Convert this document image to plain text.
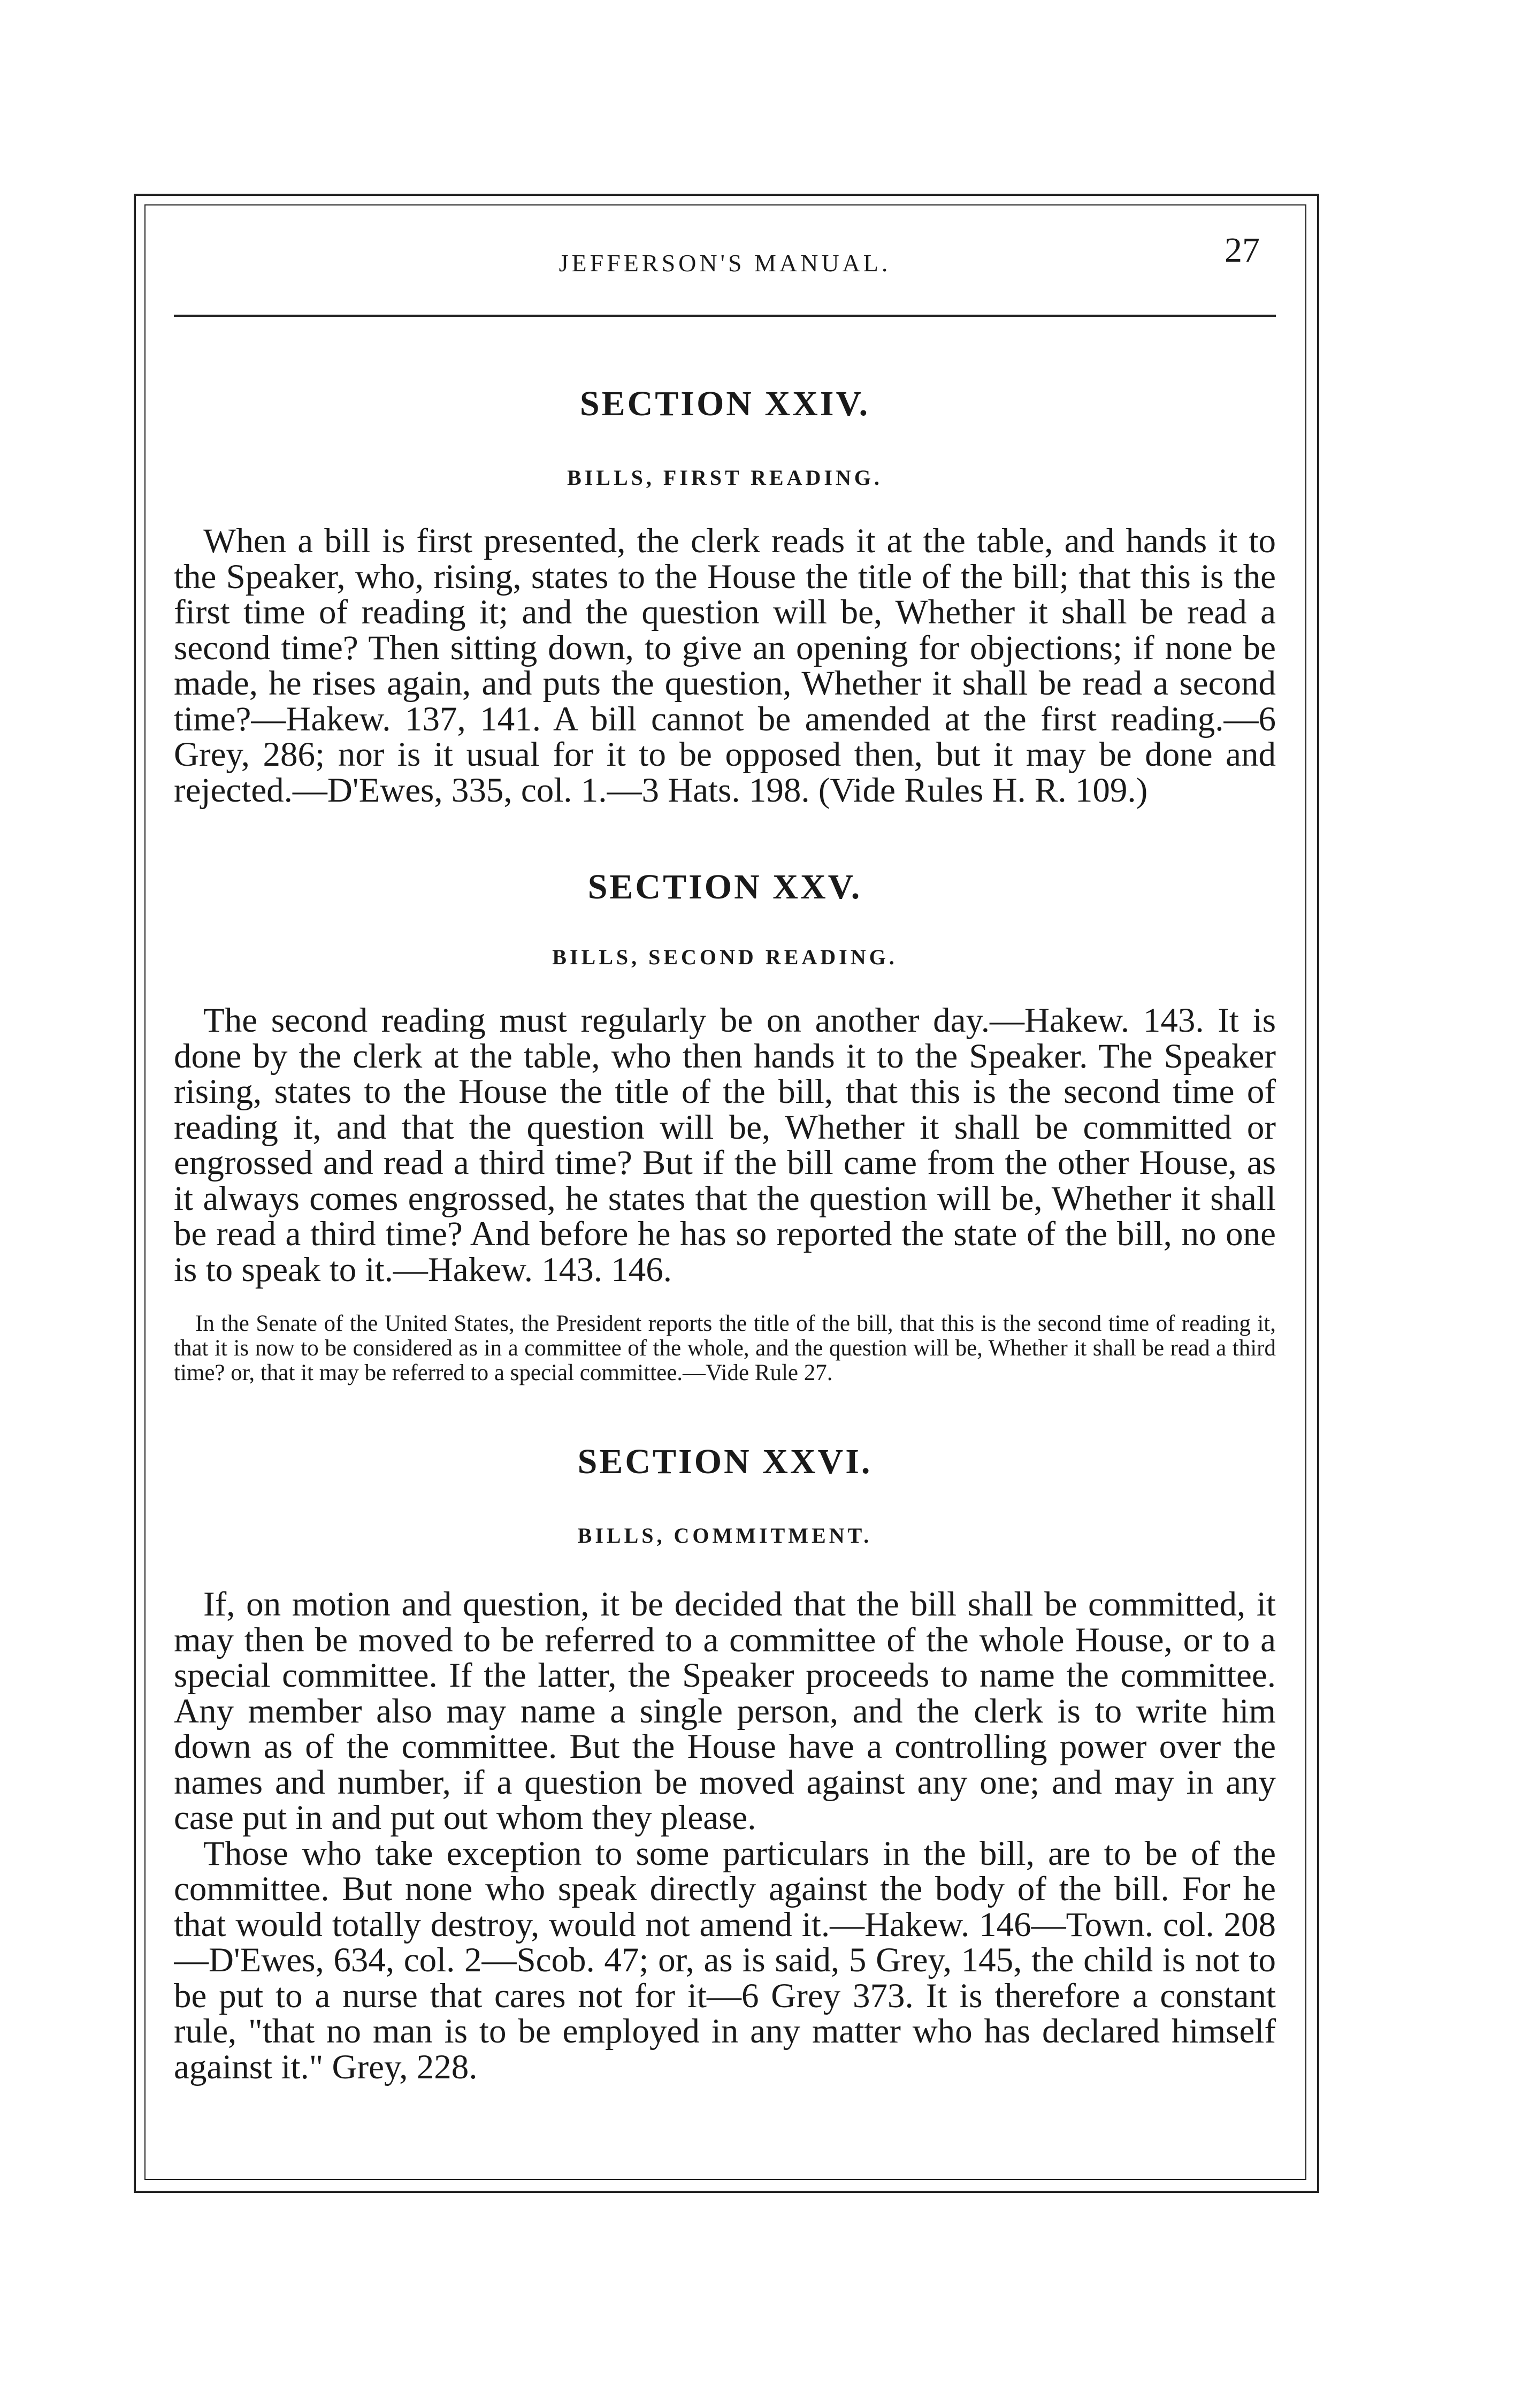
JEFFERSON'S MANUAL.	27
SECTION XXIV.
BILLS, FIRST READING.

When a bill is first presented, the clerk reads it at the table, and hands it to the Speaker, who, rising, states to the House the title of the bill; that this is the first time of reading it; and the question will be, Whether it shall be read a second time? Then sitting down, to give an opening for objections; if none be made, he rises again, and puts the question, Whether it shall be read a second time?—Hakew. 137, 141. A bill cannot be amended at the first reading.—6 Grey, 286; nor is it usual for it to be opposed then, but it may be done and rejected.—D'Ewes, 335, col. 1.—3 Hats. 198. (Vide Rules H. R. 109.)

SECTION XXV.
BILLS, SECOND READING.

The second reading must regularly be on another day.—Hakew. 143. It is done by the clerk at the table, who then hands it to the Speaker. The Speaker rising, states to the House the title of the bill, that this is the second time of reading it, and that the question will be, Whether it shall be committed or engrossed and read a third time? But if the bill came from the other House, as it always comes engrossed, he states that the question will be, Whether it shall be read a third time? And before he has so reported the state of the bill, no one is to speak to it.—Hakew. 143. 146.

In the Senate of the United States, the President reports the title of the bill, that this is the second time of reading it, that it is now to be considered as in a committee of the whole, and the question will be, Whether it shall be read a third time? or, that it may be referred to a special committee.—Vide Rule 27.

SECTION XXVI.
BILLS, COMMITMENT.

If, on motion and question, it be decided that the bill shall be committed, it may then be moved to be referred to a committee of the whole House, or to a special committee. If the latter, the Speaker proceeds to name the committee. Any member also may name a single person, and the clerk is to write him down as of the committee. But the House have a controlling power over the names and number, if a question be moved against any one; and may in any case put in and put out whom they please.

Those who take exception to some particulars in the bill, are to be of the committee. But none who speak directly against the body of the bill. For he that would totally destroy, would not amend it.—Hakew. 146—Town. col. 208—D'Ewes, 634, col. 2—Scob. 47; or, as is said, 5 Grey, 145, the child is not to be put to a nurse that cares not for it—6 Grey 373. It is therefore a constant rule, "that no man is to be employed in any matter who has declared himself against it." Grey, 228.
